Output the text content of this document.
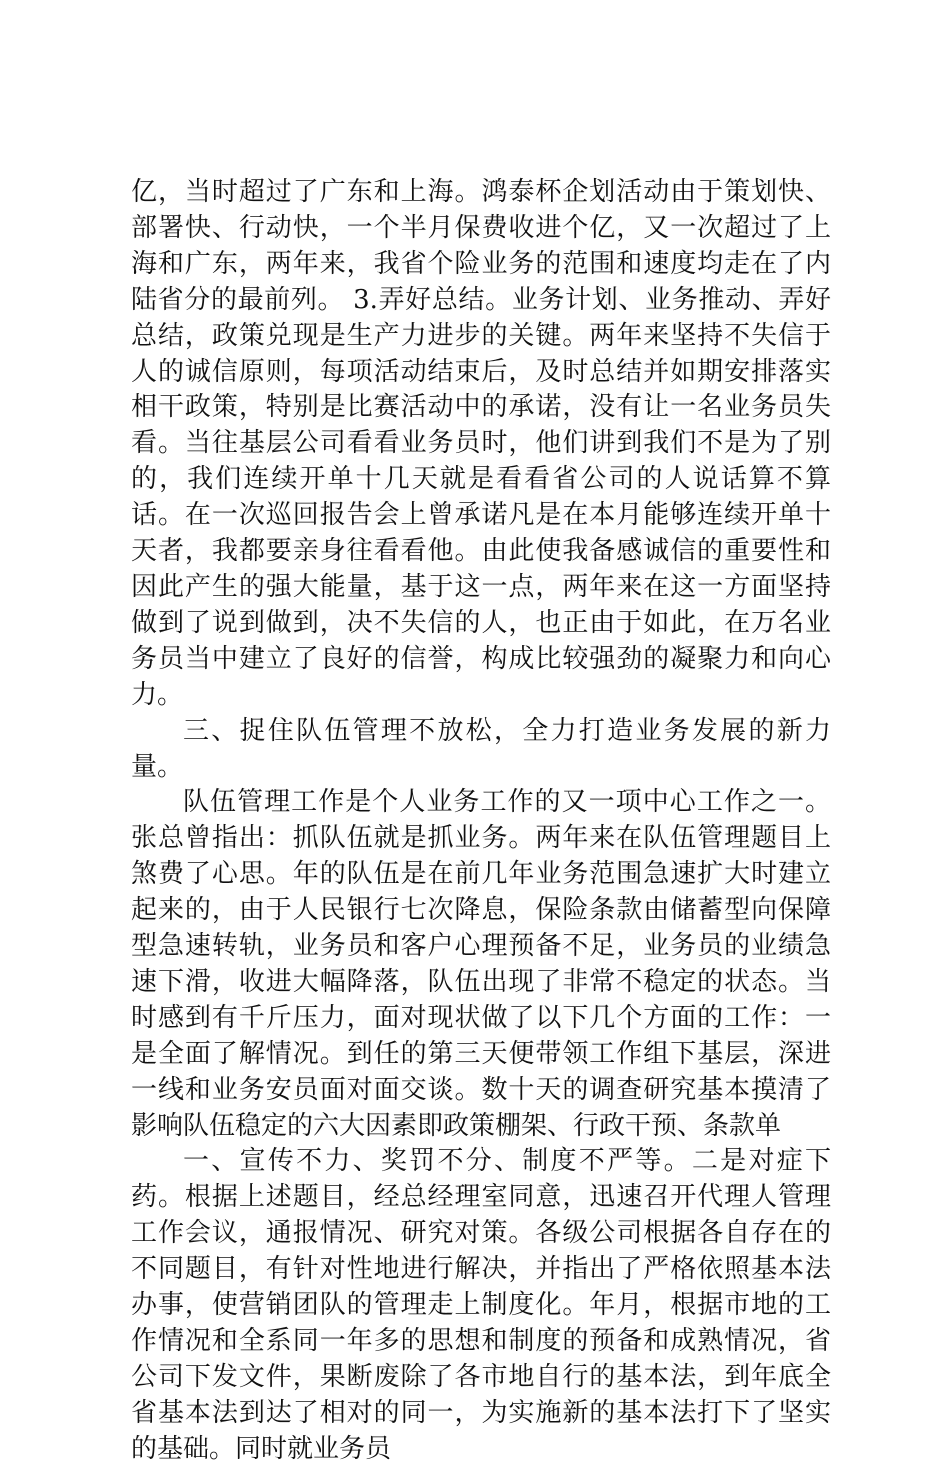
亿，当时超过了广东和上海。鸿泰杯企划活动由于策划快、部署快、行动快，一个半月保费收进个亿，又一次超过了上海和广东，两年来，我省个险业务的范围和速度均走在了内陆省分的最前列。 3.弄好总结。业务计划、业务推动、弄好总结，政策兑现是生产力进步的关键。两年来坚持不失信于人的诚信原则，每项活动结束后，及时总结并如期安排落实相干政策，特别是比赛活动中的承诺，没有让一名业务员失看。当往基层公司看看业务员时，他们讲到我们不是为了别的，我们连续开单十几天就是看看省公司的人说话算不算话。在一次巡回报告会上曾承诺凡是在本月能够连续开单十天者，我都要亲身往看看他。由此使我备感诚信的重要性和因此产生的强大能量，基于这一点，两年来在这一方面坚持做到了说到做到，决不失信的人，也正由于如此，在万名业务员当中建立了良好的信誉，构成比较强劲的凝聚力和向心力。

三、捉住队伍管理不放松，全力打造业务发展的新力量。

队伍管理工作是个人业务工作的又一项中心工作之一。张总曾指出：抓队伍就是抓业务。两年来在队伍管理题目上煞费了心思。年的队伍是在前几年业务范围急速扩大时建立起来的，由于人民银行七次降息，保险条款由储蓄型向保障型急速转轨，业务员和客户心理预备不足，业务员的业绩急速下滑，收进大幅降落，队伍出现了非常不稳定的状态。当时感到有千斤压力，面对现状做了以下几个方面的工作：一是全面了解情况。到任的第三天便带领工作组下基层，深进一线和业务安员面对面交谈。数十天的调查研究基本摸清了影响队伍稳定的六大因素即政策棚架、行政干预、条款单

一、宣传不力、奖罚不分、制度不严等。二是对症下药。根据上述题目，经总经理室同意，迅速召开代理人管理工作会议，通报情况、研究对策。各级公司根据各自存在的不同题目，有针对性地进行解决，并指出了严格依照基本法办事，使营销团队的管理走上制度化。年月，根据市地的工作情况和全系同一年多的思想和制度的预备和成熟情况，省公司下发文件，果断废除了各市地自行的基本法，到年底全省基本法到达了相对的同一，为实施新的基本法打下了坚实的基础。同时就业务员
